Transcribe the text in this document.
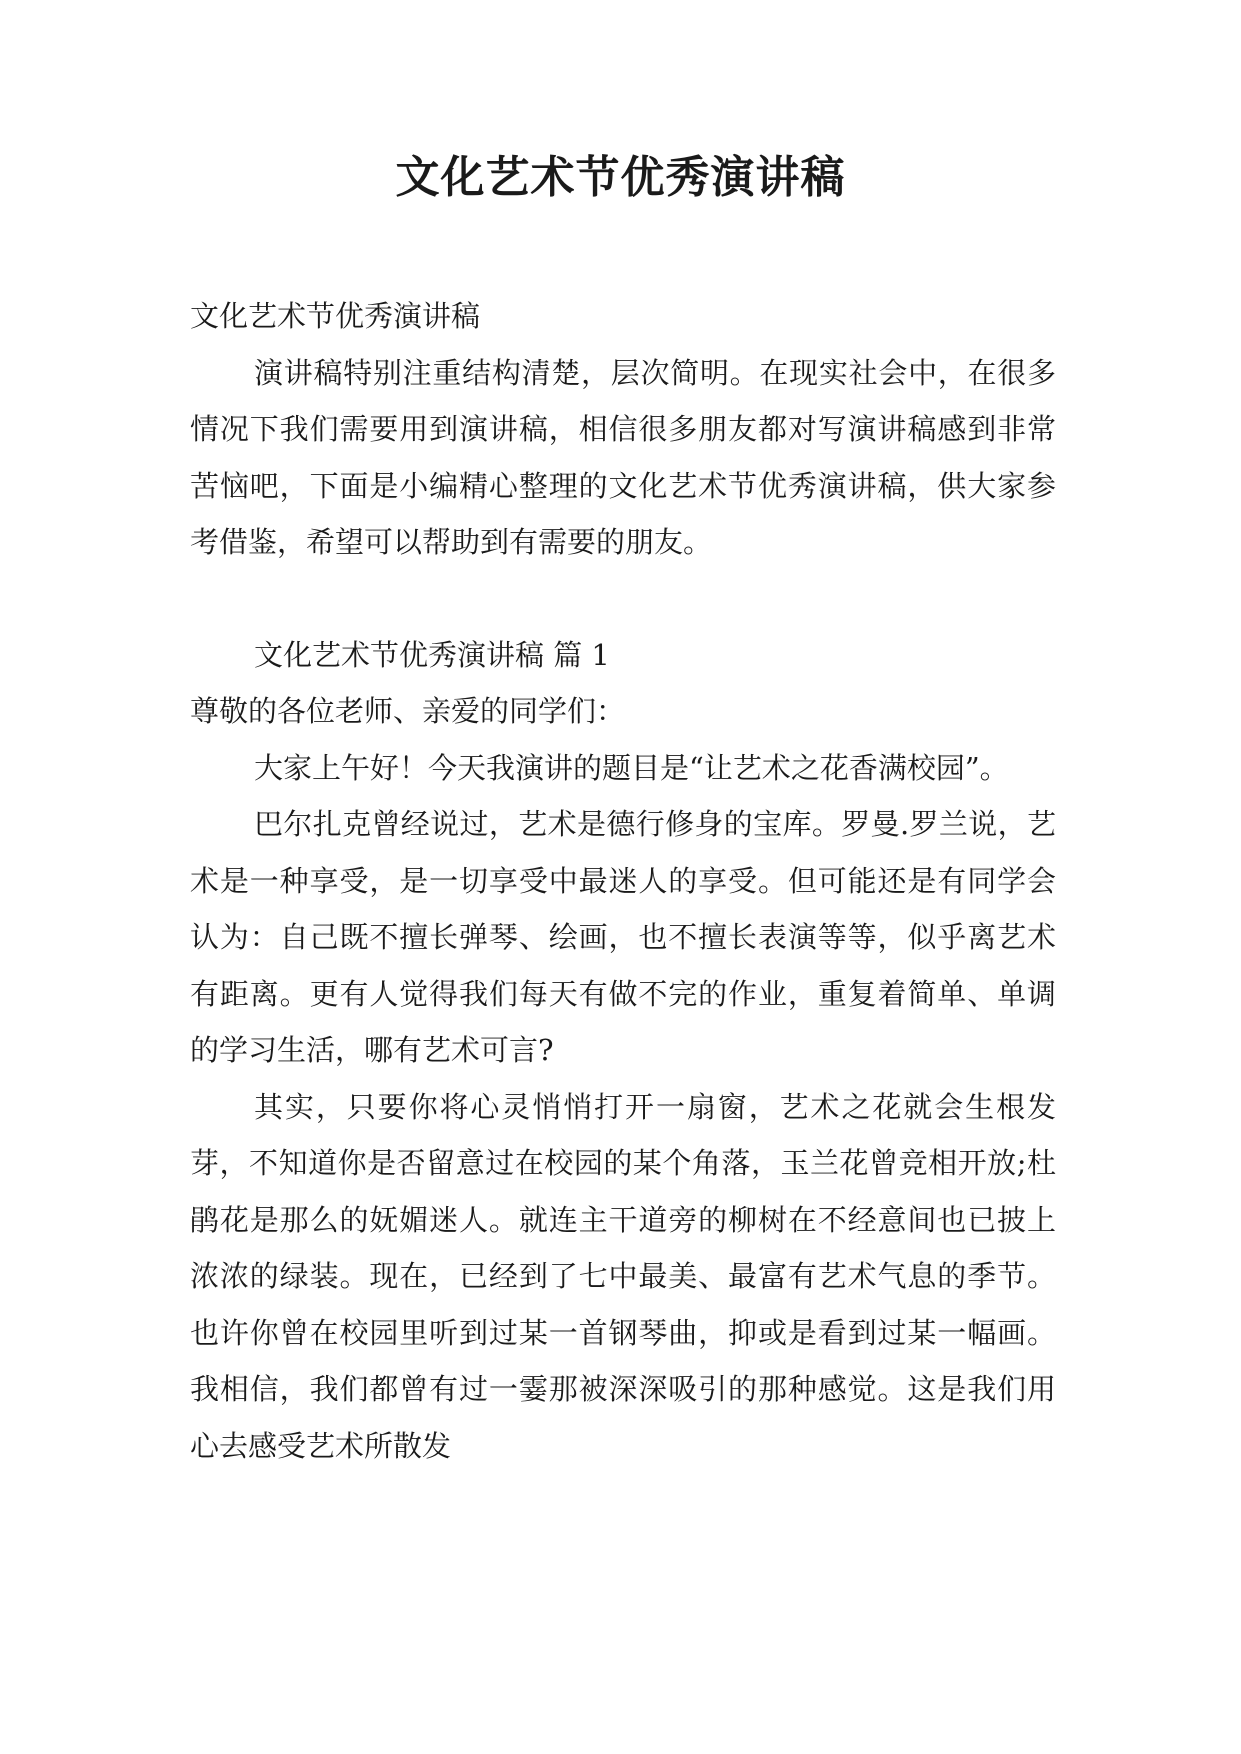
文化艺术节优秀演讲稿

文化艺术节优秀演讲稿

演讲稿特别注重结构清楚，层次简明。在现实社会中，在很多情况下我们需要用到演讲稿，相信很多朋友都对写演讲稿感到非常苦恼吧，下面是小编精心整理的文化艺术节优秀演讲稿，供大家参考借鉴，希望可以帮助到有需要的朋友。

文化艺术节优秀演讲稿 篇 1

尊敬的各位老师、亲爱的同学们：

大家上午好！今天我演讲的题目是“让艺术之花香满校园”。

巴尔扎克曾经说过，艺术是德行修身的宝库。罗曼.罗兰说，艺术是一种享受，是一切享受中最迷人的享受。但可能还是有同学会认为：自己既不擅长弹琴、绘画，也不擅长表演等等，似乎离艺术有距离。更有人觉得我们每天有做不完的作业，重复着简单、单调的学习生活，哪有艺术可言?

其实，只要你将心灵悄悄打开一扇窗，艺术之花就会生根发芽，不知道你是否留意过在校园的某个角落，玉兰花曾竞相开放;杜鹃花是那么的妩媚迷人。就连主干道旁的柳树在不经意间也已披上浓浓的绿装。现在，已经到了七中最美、最富有艺术气息的季节。也许你曾在校园里听到过某一首钢琴曲，抑或是看到过某一幅画。我相信，我们都曾有过一霎那被深深吸引的那种感觉。这是我们用心去感受艺术所散发
